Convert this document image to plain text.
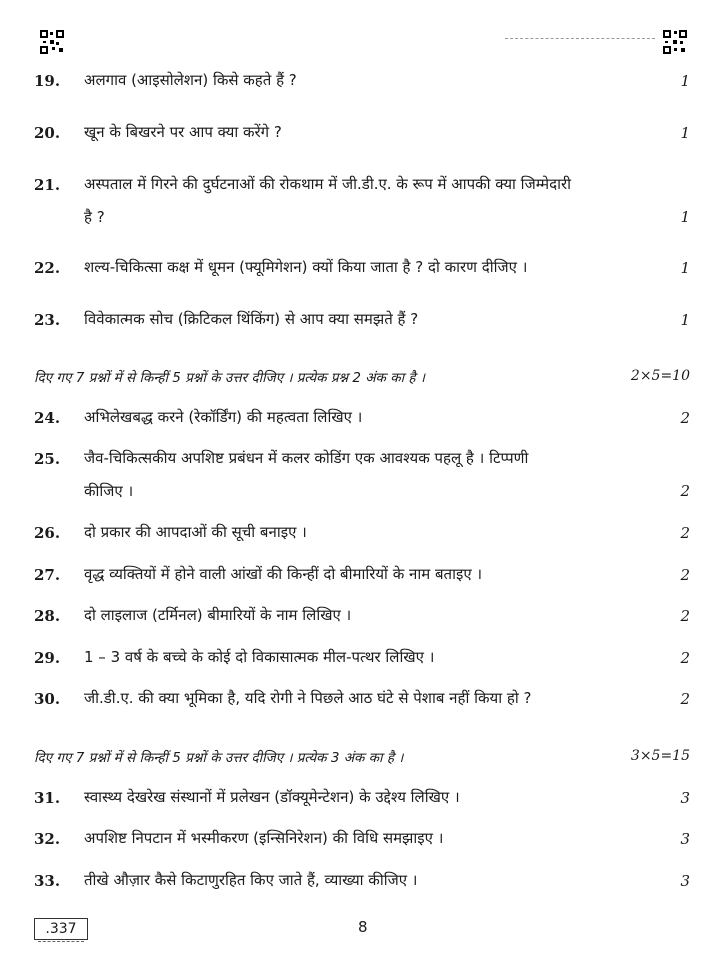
19. अलगाव (आइसोलेशन) किसे कहते हैं ?	1
20. खून के बिखरने पर आप क्या करेंगे ?	1
21. अस्पताल में गिरने की दुर्घटनाओं की रोकथाम में जी.डी.ए. के रूप में आपकी क्या जिम्मेदारी
है ?	1
22. शल्य-चिकित्सा कक्ष में धूमन (फ्यूमिगेशन) क्यों किया जाता है ? दो कारण दीजिए ।	1
23. विवेकात्मक सोच (क्रिटिकल थिंकिंग) से आप क्या समझते हैं ?	1
दिए गए 7 प्रश्नों में से किन्हीं 5 प्रश्नों के उत्तर दीजिए । प्रत्येक प्रश्न 2 अंक का है ।	2×5=10
24. अभिलेखबद्ध करने (रेकॉर्डिंग) की महत्वता लिखिए ।	2
25. जैव-चिकित्सकीय अपशिष्ट प्रबंधन में कलर कोडिंग एक आवश्यक पहलू है । टिप्पणी
कीजिए ।	2
26. दो प्रकार की आपदाओं की सूची बनाइए ।	2
27. वृद्ध व्यक्तियों में होने वाली आंखों की किन्हीं दो बीमारियों के नाम बताइए ।	2
28. दो लाइलाज (टर्मिनल) बीमारियों के नाम लिखिए ।	2
29. 1 – 3 वर्ष के बच्चे के कोई दो विकासात्मक मील-पत्थर लिखिए ।	2
30. जी.डी.ए. की क्या भूमिका है, यदि रोगी ने पिछले आठ घंटे से पेशाब नहीं किया हो ?	2
दिए गए 7 प्रश्नों में से किन्हीं 5 प्रश्नों के उत्तर दीजिए । प्रत्येक 3 अंक का है ।	3×5=15
31. स्वास्थ्य देखरेख संस्थानों में प्रलेखन (डॉक्यूमेन्टेशन) के उद्देश्य लिखिए ।	3
32. अपशिष्ट निपटान में भस्मीकरण (इन्सिनिरेशन) की विधि समझाइए ।	3
33. तीखे औज़ार कैसे किटाणुरहित किए जाते हैं, व्याख्या कीजिए ।	3
.337	8
